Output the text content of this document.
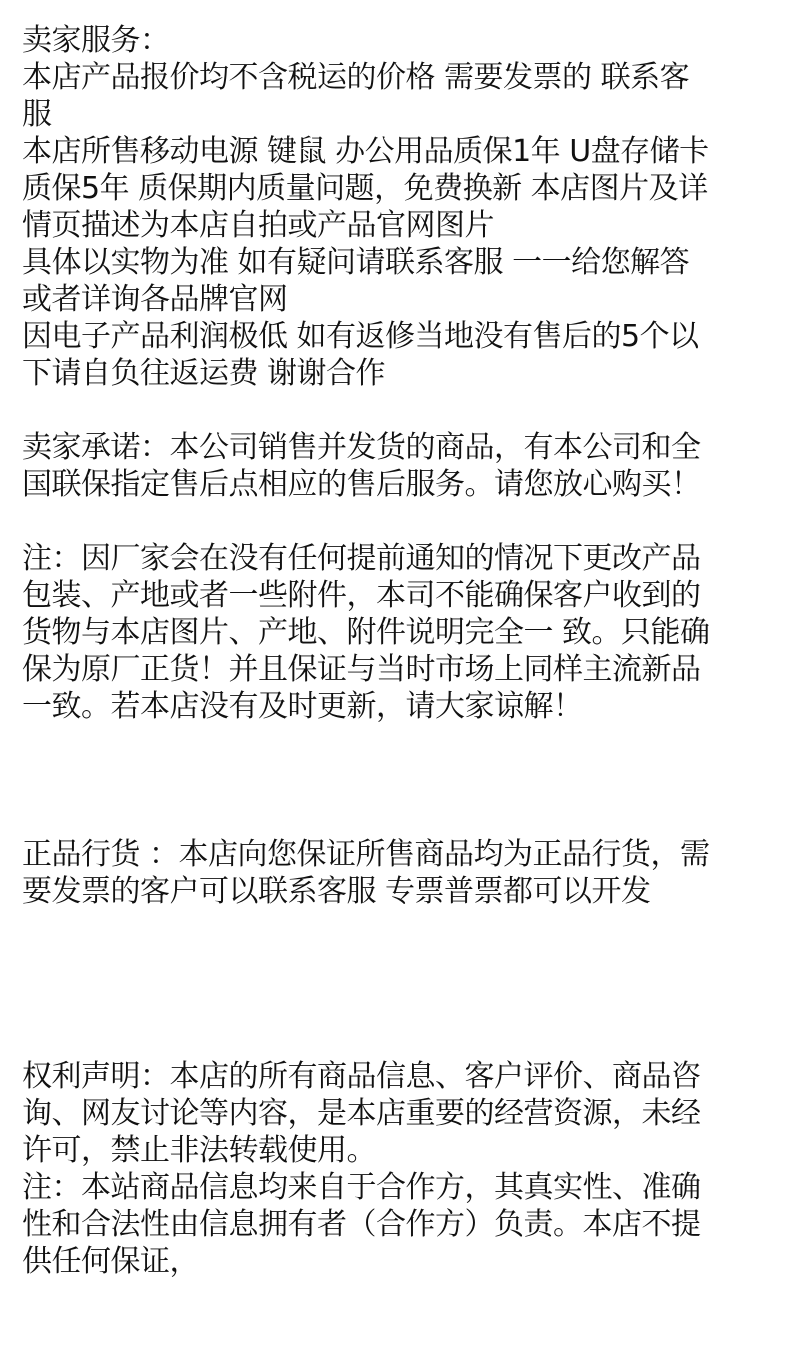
卖家服务：
本店产品报价均不含税运的价格 需要发票的 联系客
服
本店所售移动电源 键鼠 办公用品质保1年 U盘存储卡
质保5年 质保期内质量问题，免费换新 本店图片及详
情页描述为本店自拍或产品官网图片
具体以实物为准 如有疑问请联系客服 一一给您解答
或者详询各品牌官网
因电子产品利润极低 如有返修当地没有售后的5个以
下请自负往返运费 谢谢合作
卖家承诺：本公司销售并发货的商品，有本公司和全
国联保指定售后点相应的售后服务。请您放心购买！
注：因厂家会在没有任何提前通知的情况下更改产品
包装、产地或者一些附件，本司不能确保客户收到的
货物与本店图片、产地、附件说明完全一 致。只能确
保为原厂正货！并且保证与当时市场上同样主流新品
一致。若本店没有及时更新，请大家谅解！
正品行货 ：本店向您保证所售商品均为正品行货，需
要发票的客户可以联系客服 专票普票都可以开发
权利声明：本店的所有商品信息、客户评价、商品咨
询、网友讨论等内容，是本店重要的经营资源，未经
许可，禁止非法转载使用。
注：本站商品信息均来自于合作方，其真实性、准确
性和合法性由信息拥有者（合作方）负责。本店不提
供任何保证，
